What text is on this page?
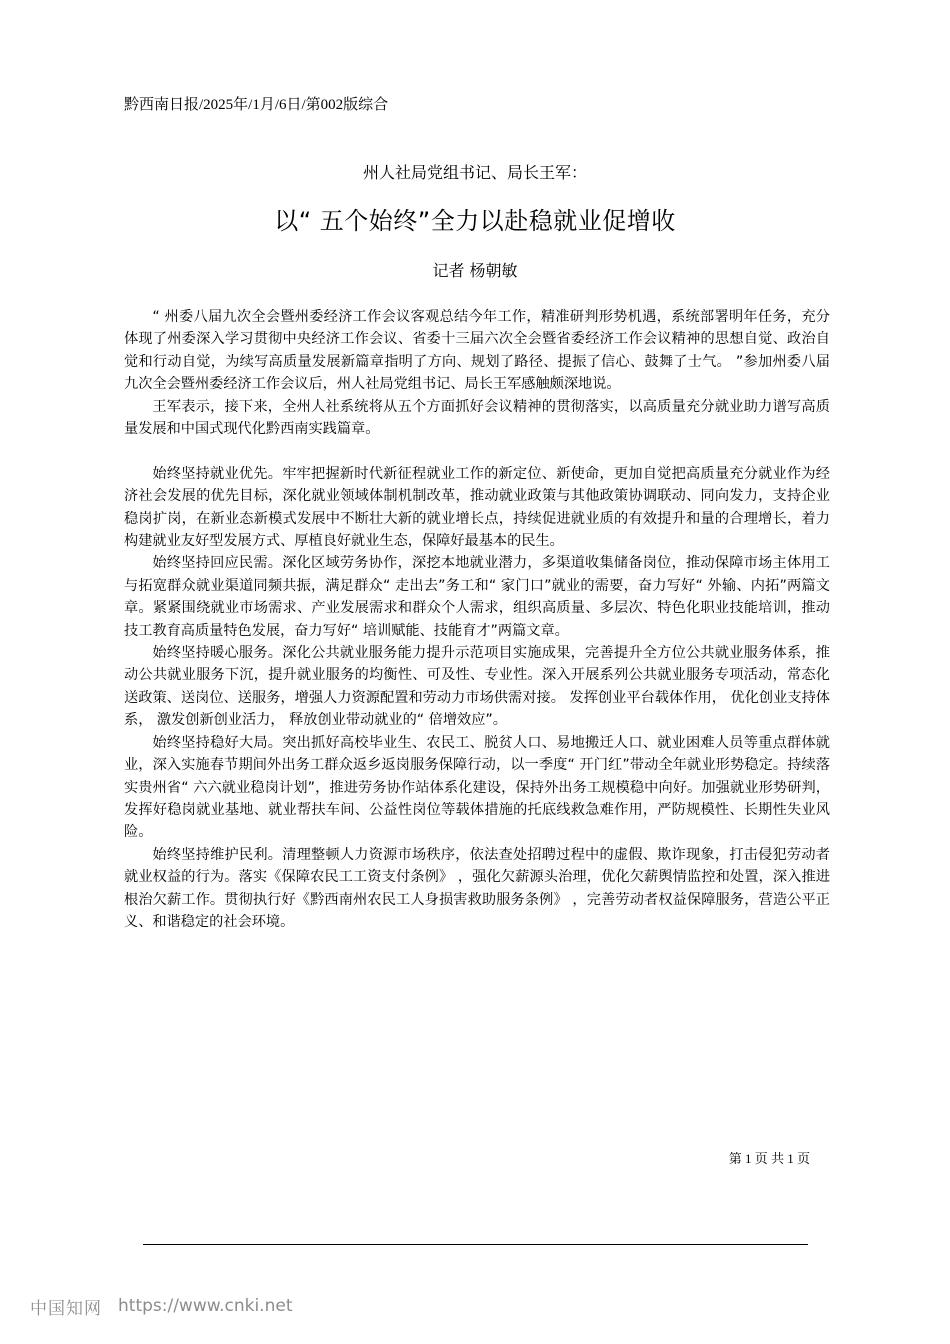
黔西南日报/2025年/1月/6日/第002版综合
州人社局党组书记、局长王军：
以“ 五个始终”全力以赴稳就业促增收
记者 杨朝敏

“ 州委八届九次全会暨州委经济工作会议客观总结今年工作，精准研判形势机遇，系统部署明年任务，充分体现了州委深入学习贯彻中央经济工作会议、省委十三届六次全会暨省委经济工作会议精神的思想自觉、政治自觉和行动自觉，为续写高质量发展新篇章指明了方向、规划了路径、提振了信心、鼓舞了士气。 ”参加州委八届九次全会暨州委经济工作会议后，州人社局党组书记、局长王军感触颇深地说。

王军表示，接下来，全州人社系统将从五个方面抓好会议精神的贯彻落实，以高质量充分就业助力谱写高质量发展和中国式现代化黔西南实践篇章。

始终坚持就业优先。牢牢把握新时代新征程就业工作的新定位、新使命，更加自觉把高质量充分就业作为经济社会发展的优先目标，深化就业领域体制机制改革，推动就业政策与其他政策协调联动、同向发力，支持企业稳岗扩岗，在新业态新模式发展中不断壮大新的就业增长点，持续促进就业质的有效提升和量的合理增长，着力构建就业友好型发展方式、厚植良好就业生态，保障好最基本的民生。

始终坚持回应民需。深化区域劳务协作，深挖本地就业潜力，多渠道收集储备岗位，推动保障市场主体用工与拓宽群众就业渠道同频共振，满足群众“ 走出去”务工和“ 家门口”就业的需要，奋力写好“ 外输、内拓”两篇文章。紧紧围绕就业市场需求、产业发展需求和群众个人需求，组织高质量、多层次、特色化职业技能培训，推动技工教育高质量特色发展，奋力写好“ 培训赋能、技能育才”两篇文章。

始终坚持暖心服务。深化公共就业服务能力提升示范项目实施成果，完善提升全方位公共就业服务体系，推动公共就业服务下沉，提升就业服务的均衡性、可及性、专业性。深入开展系列公共就业服务专项活动，常态化送政策、送岗位、送服务，增强人力资源配置和劳动力市场供需对接。 发挥创业平台载体作用， 优化创业支持体系， 激发创新创业活力， 释放创业带动就业的“ 倍增效应”。

始终坚持稳好大局。突出抓好高校毕业生、农民工、脱贫人口、易地搬迁人口、就业困难人员等重点群体就业，深入实施春节期间外出务工群众返乡返岗服务保障行动，以一季度“ 开门红”带动全年就业形势稳定。持续落实贵州省“ 六六就业稳岗计划”，推进劳务协作站体系化建设，保持外出务工规模稳中向好。加强就业形势研判，发挥好稳岗就业基地、就业帮扶车间、公益性岗位等载体措施的托底线救急难作用，严防规模性、长期性失业风险。

始终坚持维护民利。清理整顿人力资源市场秩序，依法查处招聘过程中的虚假、欺诈现象，打击侵犯劳动者就业权益的行为。落实《保障农民工工资支付条例》 ，强化欠薪源头治理，优化欠薪舆情监控和处置，深入推进根治欠薪工作。贯彻执行好《黔西南州农民工人身损害救助服务条例》 ，完善劳动者权益保障服务，营造公平正义、和谐稳定的社会环境。

第 1 页 共 1 页
中国知网 https://www.cnki.net
